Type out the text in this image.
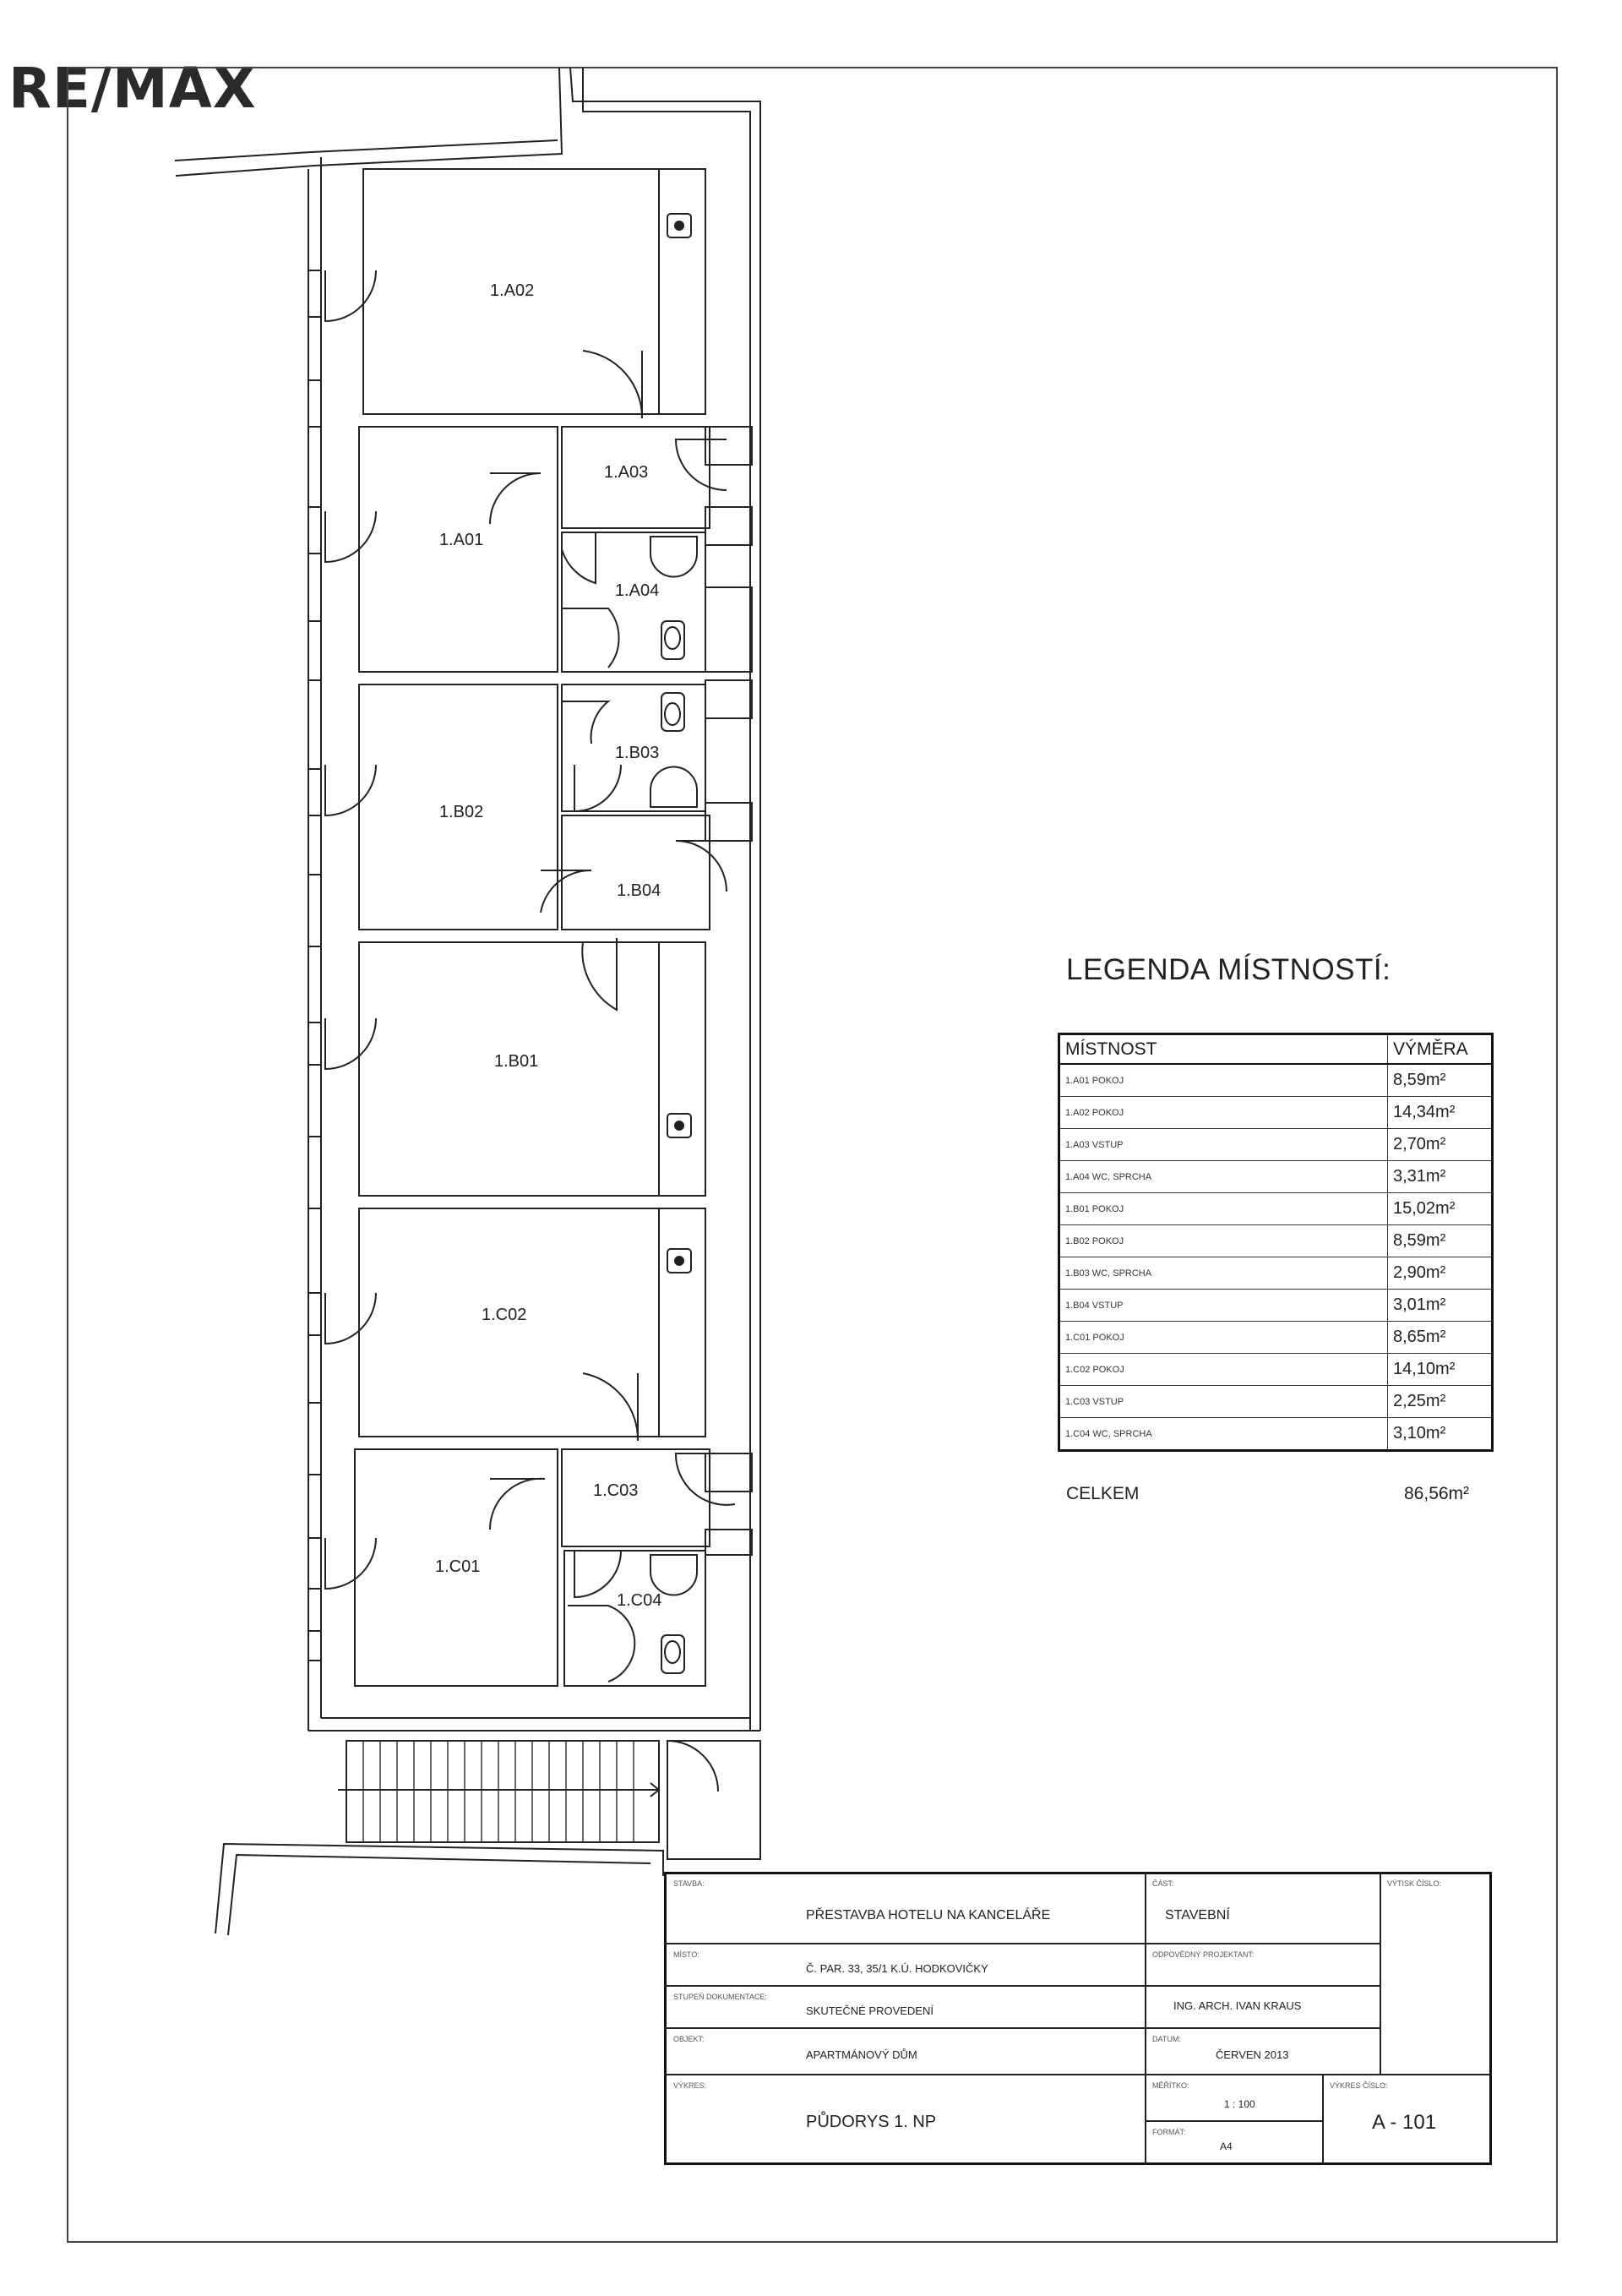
RE/MAX
1.A02
1.A03
1.A01
1.A04
1.B03
1.B02
1.B04
1.B01
1.C02
1.C03
1.C01
1.C04
LEGENDA MÍSTNOSTÍ:
MÍSTNOST	VÝMĚRA
1.A01 POKOJ	8,59m²
1.A02 POKOJ	14,34m²
1.A03 VSTUP	2,70m²
1.A04 WC, SPRCHA	3,31m²
1.B01 POKOJ	15,02m²
1.B02 POKOJ	8,59m²
1.B03 WC, SPRCHA	2,90m²
1.B04 VSTUP	3,01m²
1.C01 POKOJ	8,65m²
1.C02 POKOJ	14,10m²
1.C03 VSTUP	2,25m²
1.C04 WC, SPRCHA	3,10m²
CELKEM	86,56m²
STAVBA:
PŘESTAVBA HOTELU NA KANCELÁŘE
ČÁST:
STAVEBNÍ
VÝTISK ČÍSLO:
MÍSTO:
Č. PAR. 33, 35/1 K.Ú. HODKOVIČKY
ODPOVĚDNÝ PROJEKTANT:
ING. ARCH. IVAN KRAUS
STUPEŇ DOKUMENTACE:
SKUTEČNÉ PROVEDENÍ
OBJEKT:
APARTMÁNOVÝ DŮM
DATUM:
ČERVEN 2013
VÝKRES:
PŮDORYS 1. NP
MĚŘÍTKO:
1 : 100
FORMÁT:
A4
VÝKRES ČÍSLO:
A - 101
